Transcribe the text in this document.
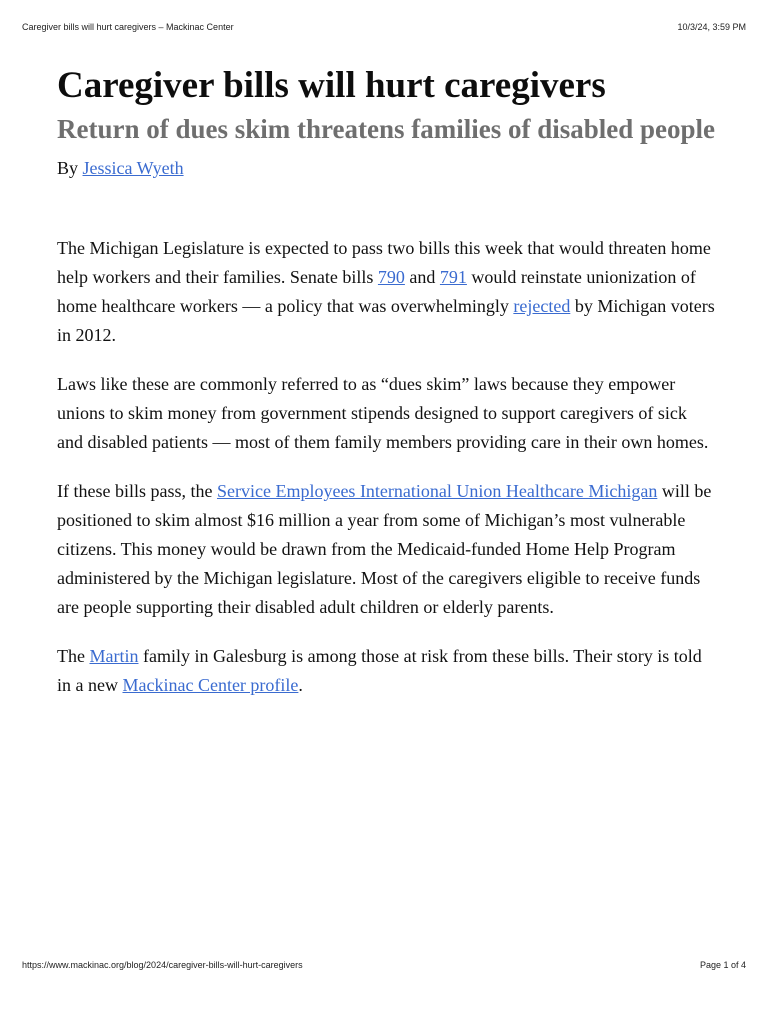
Caregiver bills will hurt caregivers – Mackinac Center	10/3/24, 3:59 PM
Caregiver bills will hurt caregivers
Return of dues skim threatens families of disabled people
By Jessica Wyeth

The Michigan Legislature is expected to pass two bills this week that would threaten home help workers and their families. Senate bills 790 and 791 would reinstate unionization of home healthcare workers — a policy that was overwhelmingly rejected by Michigan voters in 2012.

Laws like these are commonly referred to as “dues skim” laws because they empower unions to skim money from government stipends designed to support caregivers of sick and disabled patients — most of them family members providing care in their own homes.

If these bills pass, the Service Employees International Union Healthcare Michigan will be positioned to skim almost $16 million a year from some of Michigan’s most vulnerable citizens. This money would be drawn from the Medicaid-funded Home Help Program administered by the Michigan legislature. Most of the caregivers eligible to receive funds are people supporting their disabled adult children or elderly parents.

The Martin family in Galesburg is among those at risk from these bills. Their story is told in a new Mackinac Center profile.

https://www.mackinac.org/blog/2024/caregiver-bills-will-hurt-caregivers	Page 1 of 4
